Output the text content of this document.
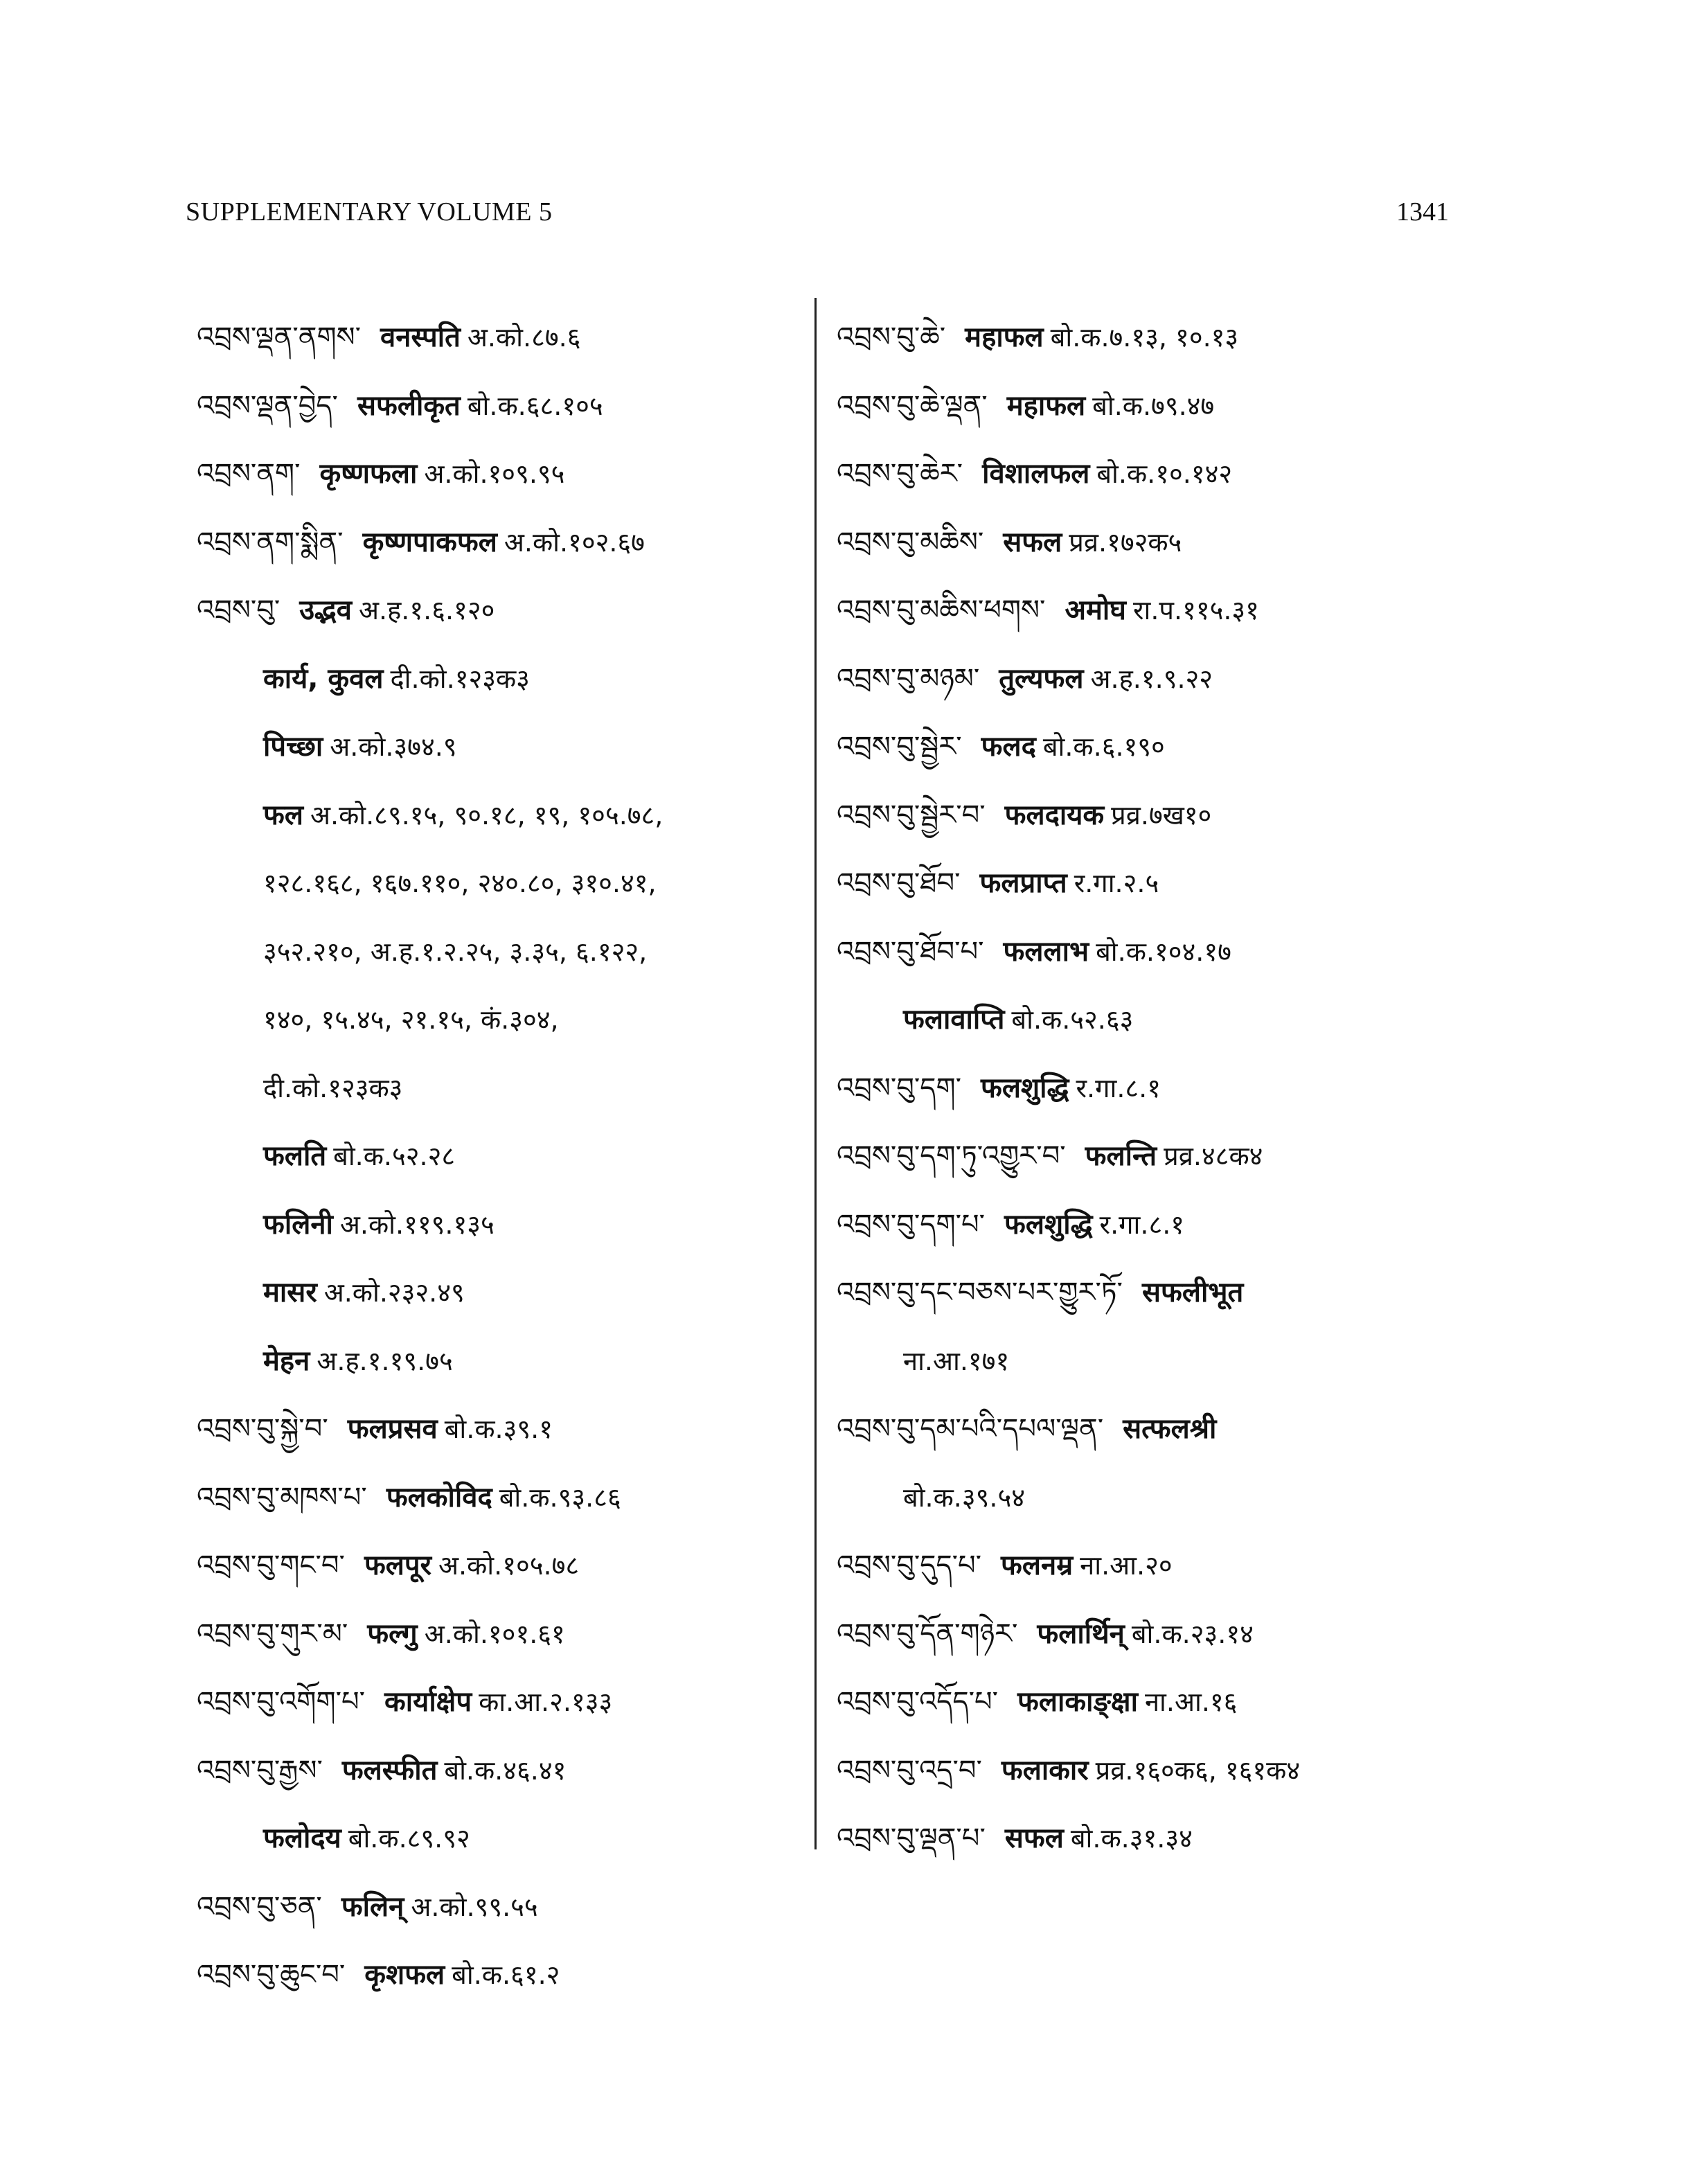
SUPPLEMENTARY VOLUME 5	1341
འབྲས་ལྡན་ནགས་ वनस्पति अ.को.८७.६
འབྲས་ལྡན་བྱེད་ सफलीकृत बो.क.६८.१०५
འབྲས་ནག་ कृष्णफला अ.को.१०९.९५
འབྲས་ནག་སྨིན་ कृष्णपाकफल अ.को.१०२.६७
འབྲས་བུ་ उद्भव अ.ह.१.६.१२०
कार्य, कुवल दी.को.१२३क३
पिच्छा अ.को.३७४.९
फल अ.को.८९.१५, ९०.१८, १९, १०५.७८,
१२८.१६८, १६७.११०, २४०.८०, ३१०.४१,
३५२.२१०, अ.ह.१.२.२५, ३.३५, ६.१२२,
१४०, १५.४५, २१.१५, कं.३०४,
दी.को.१२३क३
फलति बो.क.५२.२८
फलिनी अ.को.११९.१३५
मासर अ.को.२३२.४९
मेहन अ.ह.१.१९.७५
འབྲས་བུ་སྐྱེ་བ་ फलप्रसव बो.क.३९.१
འབྲས་བུ་མཁས་པ་ फलकोविद बो.क.९३.८६
འབྲས་བུ་གང་བ་ फलपूर अ.को.१०५.७८
འབྲས་བུ་གུར་མ་ फल्गु अ.को.१०१.६१
འབྲས་བུ་འགོག་པ་ कार्याक्षेप का.आ.२.१३३
འབྲས་བུ་རྒྱས་ फलस्फीत बो.क.४६.४१
फलोदय बो.क.८९.९२
འབྲས་བུ་ཅན་ फलिन् अ.को.९९.५५
འབྲས་བུ་ཆུང་བ་ कृशफल बो.क.६१.२
འབྲས་བུ་ཆེ་ महाफल बो.क.७.१३, १०.१३
འབྲས་བུ་ཆེ་ལྡན་ महाफल बो.क.७९.४७
འབྲས་བུ་ཆེར་ विशालफल बो.क.१०.१४२
འབྲས་བུ་མཆིས་ सफल प्रव्र.१७२क५
འབྲས་བུ་མཆིས་ཕགས་ अमोघ रा.प.११५.३१
འབྲས་བུ་མཉམ་ तुल्यफल अ.ह.१.९.२२
འབྲས་བུ་སྦྱེར་ फलद बो.क.६.१९०
འབྲས་བུ་སྦྱེར་བ་ फलदायक प्रव्र.७ख१०
འབྲས་བུ་ཐོབ་ फलप्राप्त र.गा.२.५
འབྲས་བུ་ཐོབ་པ་ फललाभ बो.क.१०४.१७
फलावाप्ति बो.क.५२.६३
འབྲས་བུ་དག་ फलशुद्धि र.गा.८.१
འབྲས་བུ་དག་ཏུ་འགྱུར་བ་ फलन्ति प्रव्र.४८क४
འབྲས་བུ་དག་པ་ फलशुद्धि र.गा.८.१
འབྲས་བུ་དང་བཅས་པར་གྱུར་ཏོ་ सफलीभूत
ना.आ.१७१
འབྲས་བུ་དམ་པའི་དཔལ་ལྡན་ सत्फलश्री
बो.क.३९.५४
འབྲས་བུ་དུད་པ་ फलनम्र ना.आ.२०
འབྲས་བུ་དོན་གཉེར་ फलार्थिन् बो.क.२३.१४
འབྲས་བུ་འདོད་པ་ फलाकाङ्क्षा ना.आ.१६
འབྲས་བུ་འདྲ་བ་ फलाकार प्रव्र.१६०क६, १६१क४
འབྲས་བུ་ལྡན་པ་ सफल बो.क.३१.३४
